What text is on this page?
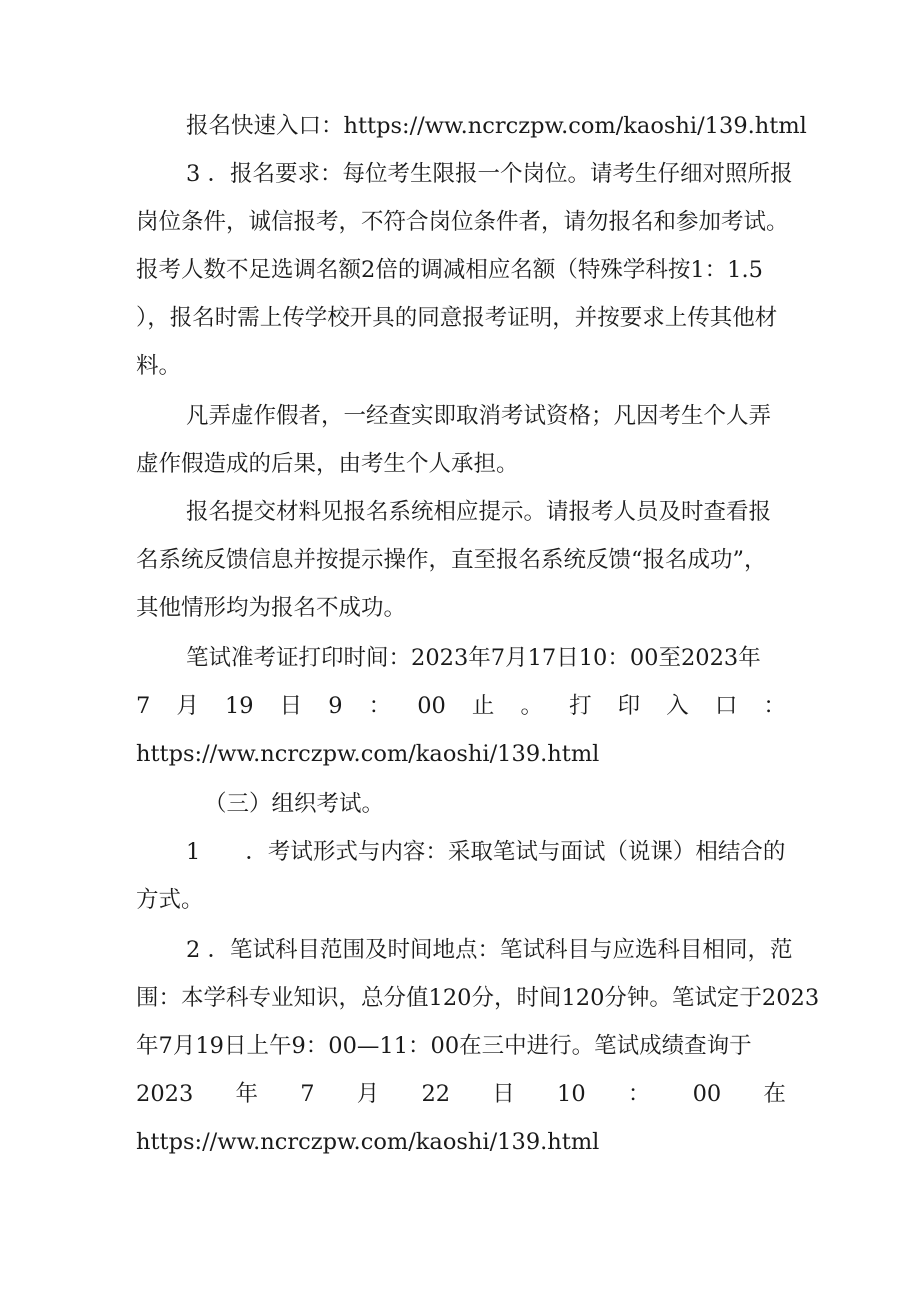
报名快速入口：https://ww.ncrczpw.com/kaoshi/139.html
3 ．报名要求：每位考生限报一个岗位。请考生仔细对照所报
岗位条件，诚信报考，不符合岗位条件者，请勿报名和参加考试。
报考人数不足选调名额2倍的调减相应名额（特殊学科按1：1.5
），报名时需上传学校开具的同意报考证明，并按要求上传其他材
料。
凡弄虚作假者，一经查实即取消考试资格；凡因考生个人弄
虚作假造成的后果，由考生个人承担。
报名提交材料见报名系统相应提示。请报考人员及时查看报
名系统反馈信息并按提示操作，直至报名系统反馈“报名成功”，
其他情形均为报名不成功。
笔试准考证打印时间：2023年7月17日10：00至2023年
7 月 19 日 9 ： 00 止 。 打 印 入 口 ：
https://ww.ncrczpw.com/kaoshi/139.html
（三）组织考试。
1　　．考试形式与内容：采取笔试与面试（说课）相结合的
方式。
2 ．笔试科目范围及时间地点：笔试科目与应选科目相同，范
围：本学科专业知识，总分值120分，时间120分钟。笔试定于2023
年7月19日上午9：00—11：00在三中进行。笔试成绩查询于
2023 年 7 月 22 日 10 ： 00 在
https://ww.ncrczpw.com/kaoshi/139.html
